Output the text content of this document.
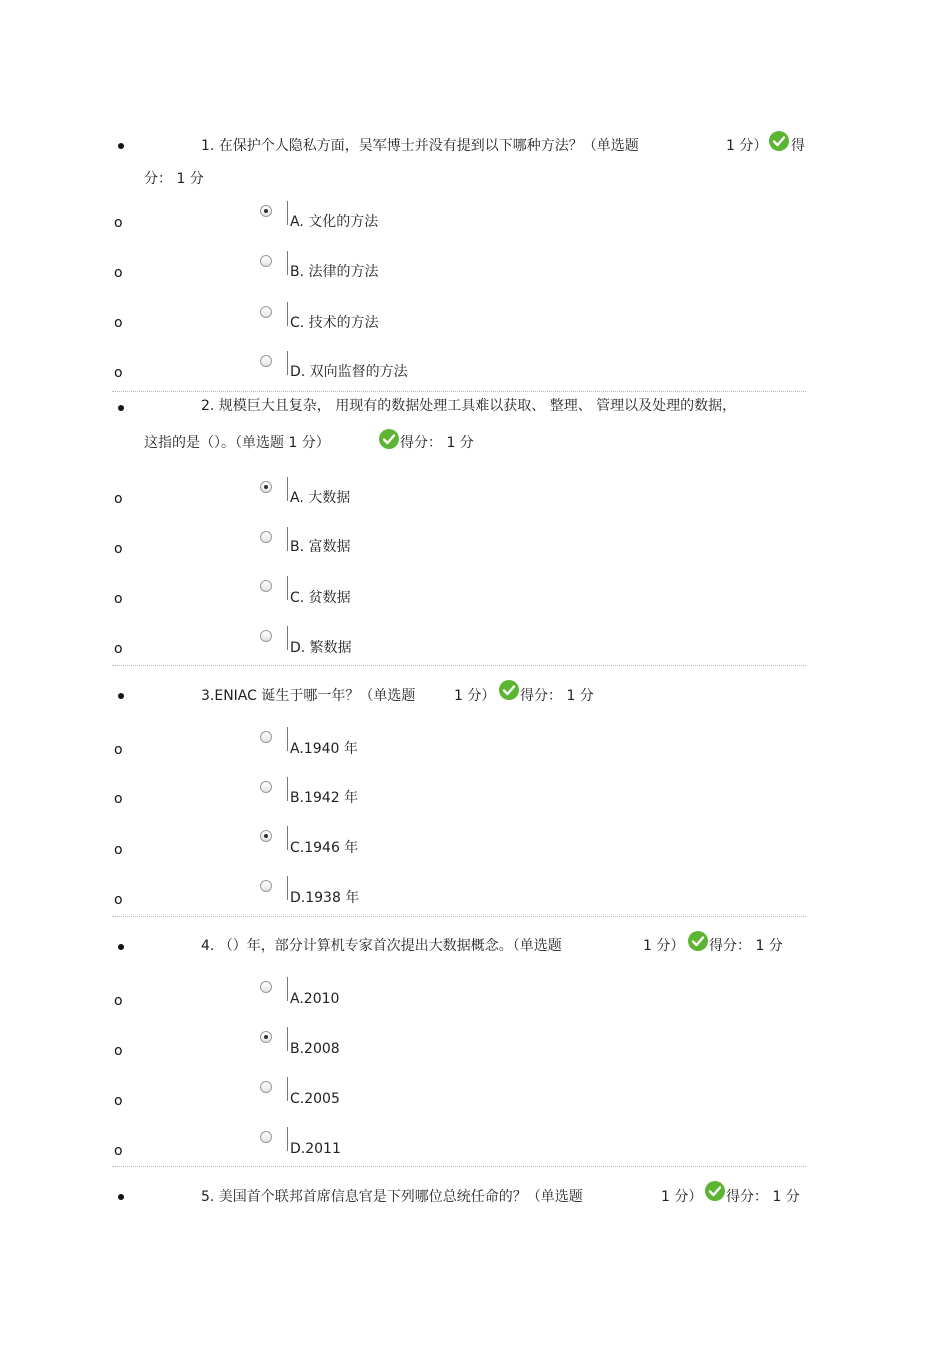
1. 在保护个人隐私方面，吴军博士并没有提到以下哪种方法？（单选题	1 分） 得
分： 1 分
o	A. 文化的方法
o	B. 法律的方法
o	C. 技术的方法
o	D. 双向监督的方法
2. 规模巨大且复杂， 用现有的数据处理工具难以获取、 整理、 管理以及处理的数据，
这指的是（）。（单选题 1 分）	得分： 1 分
o	A. 大数据
o	B. 富数据
o	C. 贫数据
o	D. 繁数据
3.ENIAC 诞生于哪一年？（单选题	1 分） 得分： 1 分
o	A.1940 年
o	B.1942 年
o	C.1946 年
o	D.1938 年
4. （）年，部分计算机专家首次提出大数据概念。（单选题	1 分） 得分： 1 分
o	A.2010
o	B.2008
o	C.2005
o	D.2011
5. 美国首个联邦首席信息官是下列哪位总统任命的？（单选题	1 分） 得分： 1 分
